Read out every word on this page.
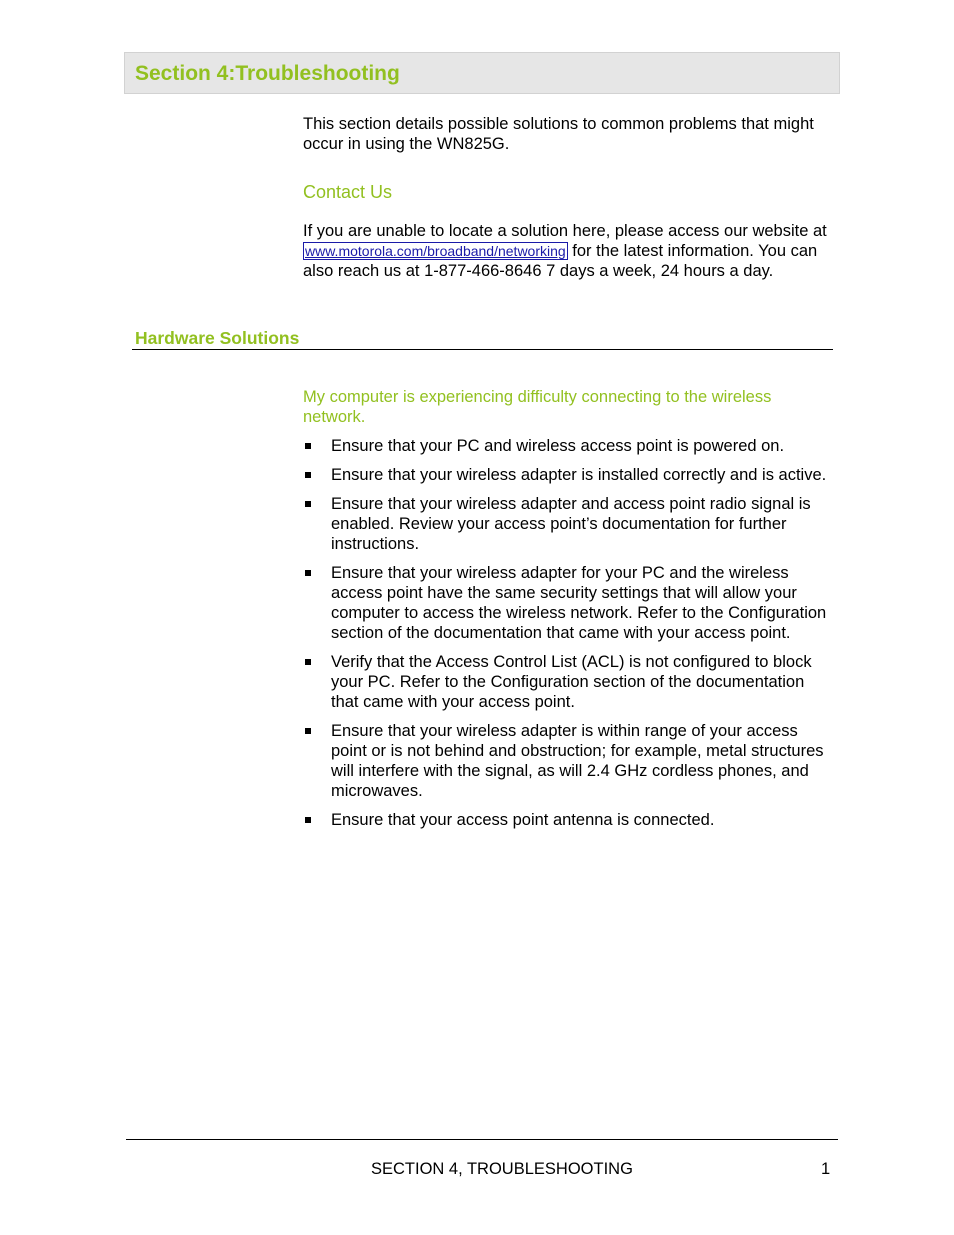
Section 4:Troubleshooting

This section details possible solutions to common problems that might occur in using the WN825G.

Contact Us

If you are unable to locate a solution here, please access our website at www.motorola.com/broadband/networking for the latest information. You can also reach us at 1-877-466-8646 7 days a week, 24 hours a day.

Hardware Solutions

My computer is experiencing difficulty connecting to the wireless network.

Ensure that your PC and wireless access point is powered on.
Ensure that your wireless adapter is installed correctly and is active.
Ensure that your wireless adapter and access point radio signal is enabled. Review your access point’s documentation for further instructions.
Ensure that your wireless adapter for your PC and the wireless access point have the same security settings that will allow your computer to access the wireless network. Refer to the Configuration section of the documentation that came with your access point.
Verify that the Access Control List (ACL) is not configured to block your PC. Refer to the Configuration section of the documentation that came with your access point.
Ensure that your wireless adapter is within range of your access point or is not behind and obstruction; for example, metal structures will interfere with the signal, as will 2.4 GHz cordless phones, and microwaves.
Ensure that your access point antenna is connected.
SECTION 4, TROUBLESHOOTING	1
